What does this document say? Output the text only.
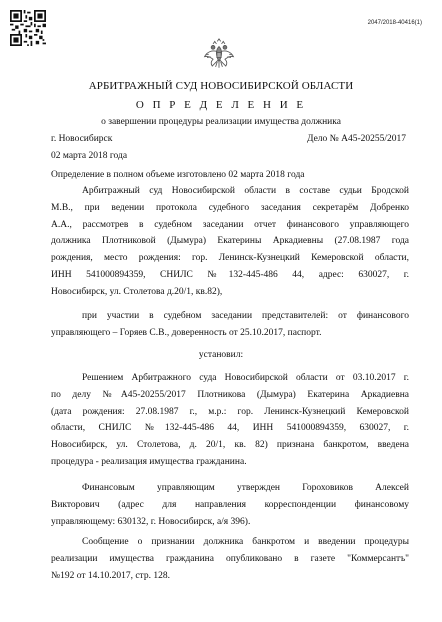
2047/2018-40416(1)
АРБИТРАЖНЫЙ СУД НОВОСИБИРСКОЙ ОБЛАСТИ
О П Р Е Д Е Л Е Н И Е
о завершении процедуры реализации имущества должника
г. Новосибирск	Дело № А45-20255/2017
02 марта 2018 года
Определение в полном объеме изготовлено 02 марта 2018 года
Арбитражный суд Новосибирской области в составе судьи Бродской
М.В., при ведении протокола судебного заседания секретарём Добренко
А.А., рассмотрев в судебном заседании отчет финансового управляющего
должника Плотниковой (Дымура) Екатерины Аркадиевны (27.08.1987 года
рождения, место рождения: гор. Ленинск-Кузнецкий Кемеровской области,
ИНН 541000894359, СНИЛС №132-445-486 44, адрес: 630027, г.
Новосибирск, ул. Столетова д.20/1, кв.82),
при участии в судебном заседании представителей: от финансового
управляющего – Горяев С.В., доверенность от 25.10.2017, паспорт.
установил:
Решением Арбитражного суда Новосибирской области от 03.10.2017 г.
по делу №А45-20255/2017 Плотникова (Дымура) Екатерина Аркадиевна
(дата рождения: 27.08.1987 г., м.р.: гор. Ленинск-Кузнецкий Кемеровской
области, СНИЛС №132-445-486 44, ИНН 541000894359, 630027, г.
Новосибирск, ул. Столетова, д. 20/1, кв. 82) признана банкротом, введена
процедура - реализация имущества гражданина.
Финансовым управляющим утвержден Гороховиков Алексей
Викторович (адрес для направления корреспонденции финансовому
управляющему: 630132, г. Новосибирск, а/я 396).
Сообщение о признании должника банкротом и введении процедуры
реализации имущества гражданина опубликовано в газете "Коммерсантъ"
№192 от 14.10.2017, стр. 128.
